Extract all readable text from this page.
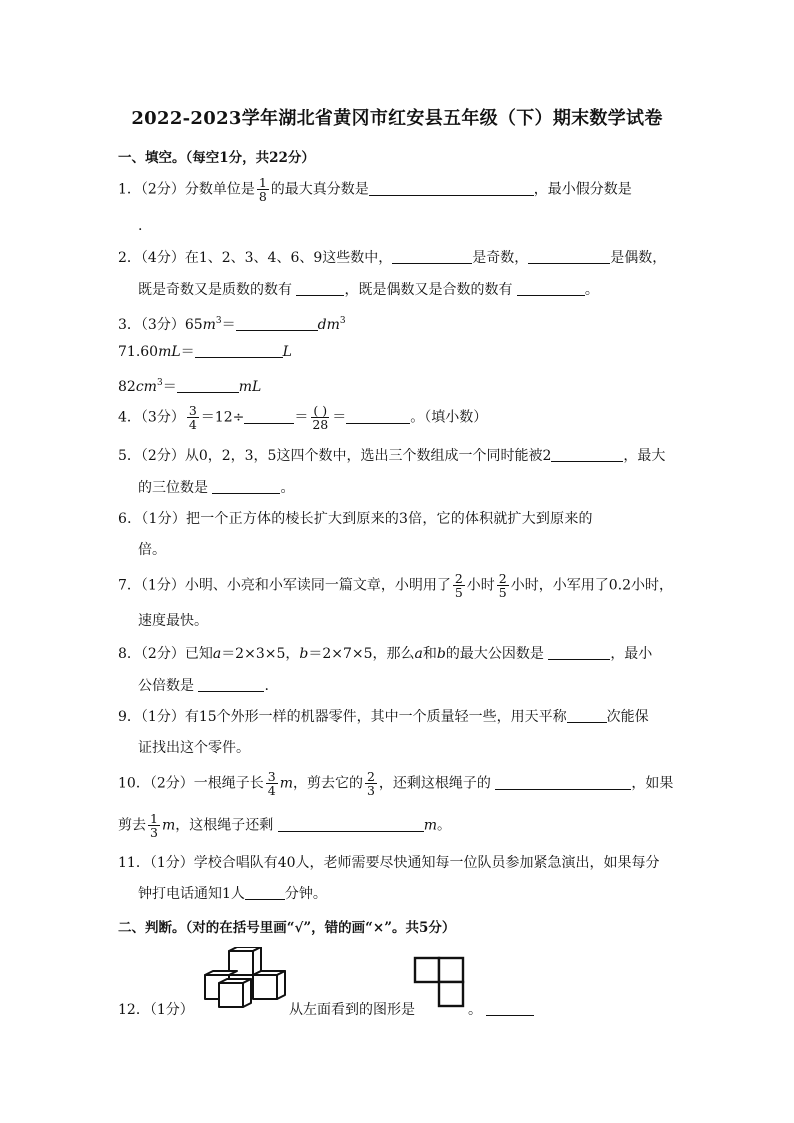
2022-2023学年湖北省黄冈市红安县五年级（下）期末数学试卷
一、填空。（每空1分，共22分）
1．（2分）分数单位是 $\frac{1}{8}$ 的最大真分数是	，最小假分数是
.
2．（4分）在1、2、3、4、6、9这些数中，	是奇数，	是偶数，
既是奇数又是质数的数有	，既是偶数又是合数的数有	。
3．（3分）$65m^3=$	$dm^3$
71.60mL＝	L
$82cm^3=$	mL
4．（3分） $\frac{3}{4} =12\div$	＝ ( )
28 ＝	。（填小数）
5．（2分）从0，2，3，5这四个数中，选出三个数组成一个同时能被2	，最大
的三位数是	。
6．（1分）把一个正方体的棱长扩大到原来的3倍，它的体积就扩大到原来的
倍。
7．（1分）小明、小亮和小军读同一篇文章，小明用了 $\frac{2}{5}$ 小时 $\frac{2}{5}$ 小时，小军用了0.2小时，
速度最快。
8．（2分）已知a＝2×3×5，b＝2×7×5，那么a和b的最大公因数是	，最小
公倍数是	.
9．（1分）有15个外形一样的机器零件，其中一个质量轻一些，用天平称	次能保
证找出这个零件。
10．（2分）一根绳子长 $\frac{3}{4}$ m，剪去它的 $\frac{2}{3}$ ，还剩这根绳子的	，如果
剪去 $\frac{1}{3}$ m，这根绳子还剩	m。
11．（1分）学校合唱队有40人，老师需要尽快通知每一位队员参加紧急演出，如果每分
钟打电话通知1人	分钟。
二、判断。（对的在括号里画“√”，错的画“×”。共5分）
12．（1分）	从左面看到的图形是	。
